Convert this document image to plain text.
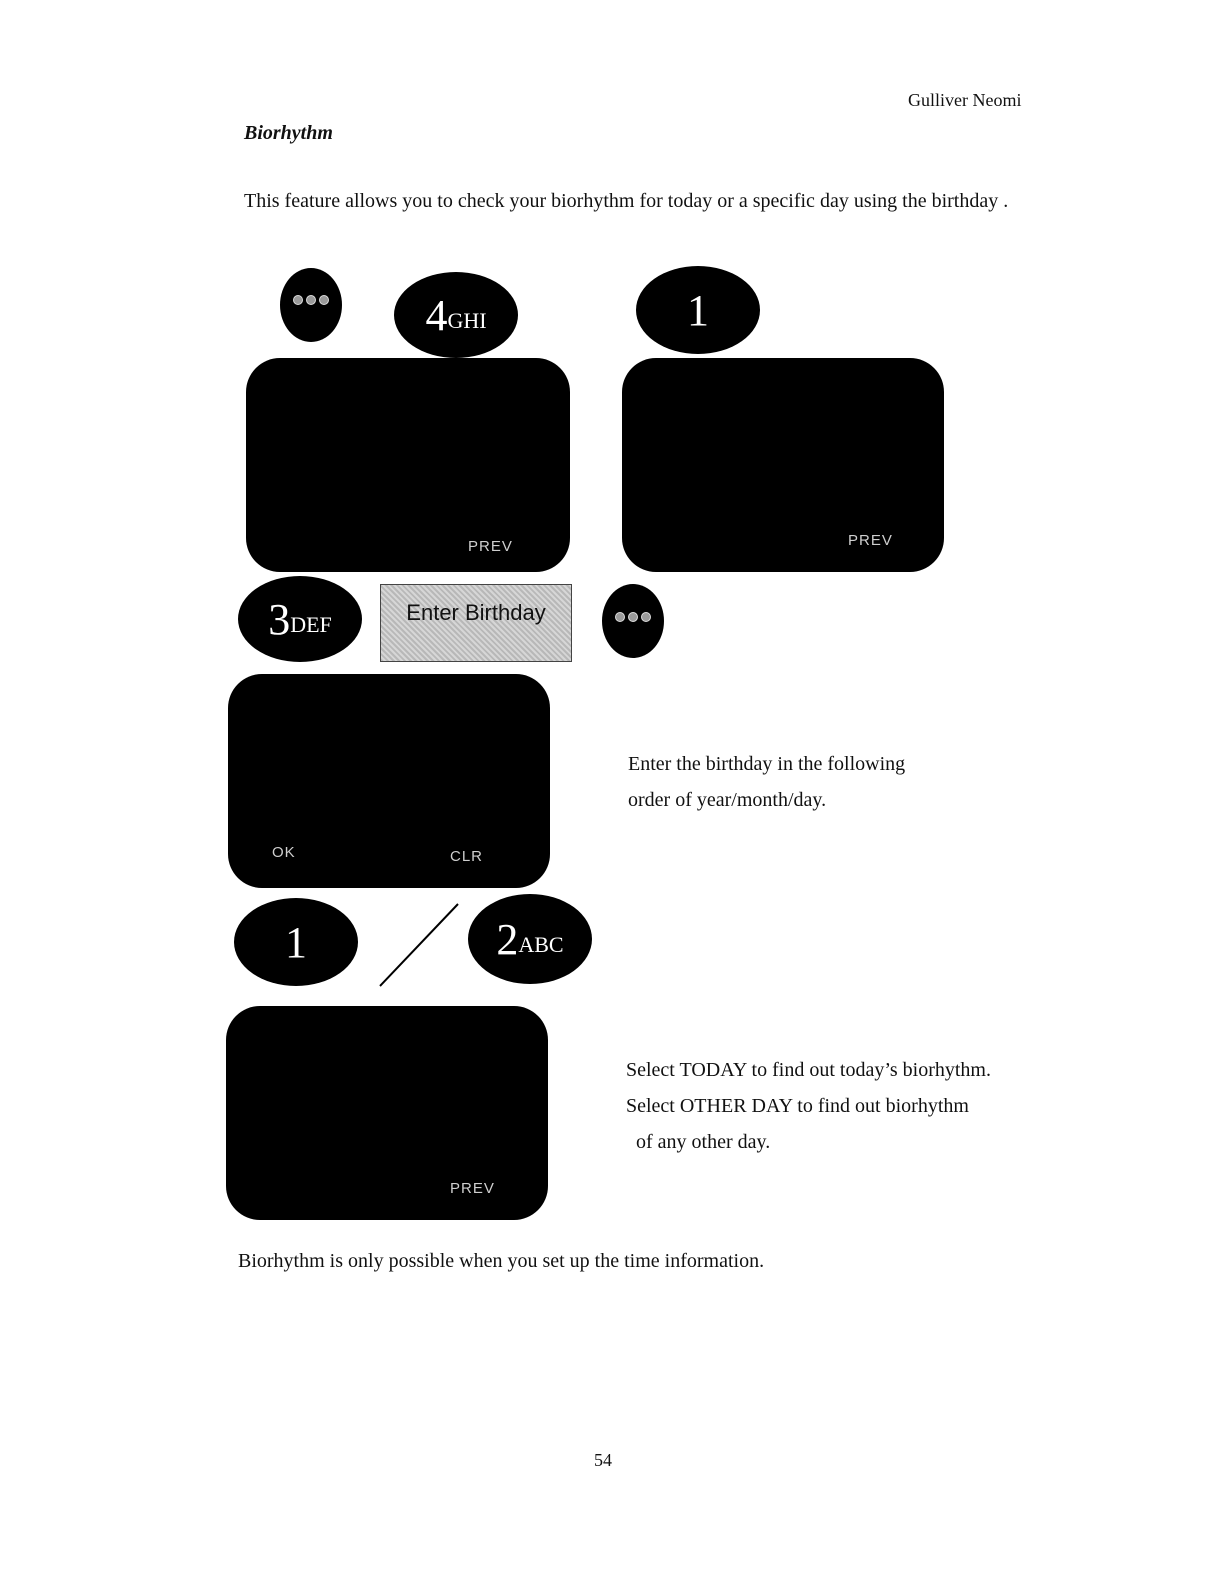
Gulliver Neomi
Biorhythm
This feature allows you to check your biorhythm for today or a specific day using the birthday .
4 GHI	1
PREV	PREV
3 DEF	Enter Birthday
OK	CLR
Enter the birthday in the following
order of year/month/day.
1	2 ABC
PREV
Select TODAY to find out today’s biorhythm.
Select OTHER DAY to find out biorhythm
of any other day.
Biorhythm is only possible when you set up the time information.
54
